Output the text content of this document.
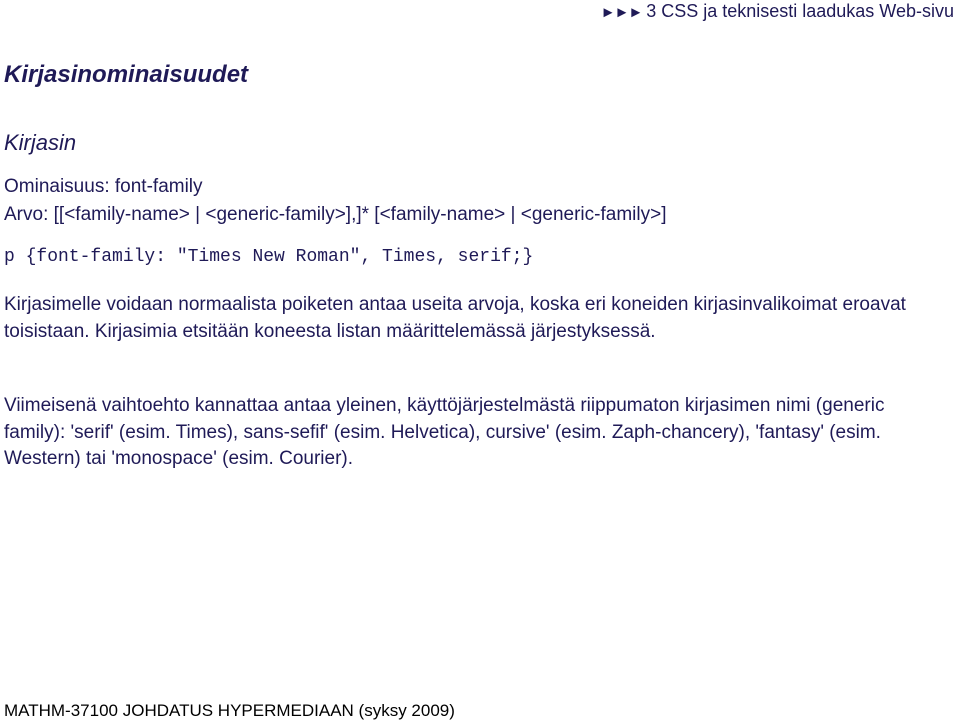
►►► 3 CSS ja teknisesti laadukas Web-sivu
Kirjasinominaisuudet
Kirjasin
Ominaisuus: font-family
Arvo: [[<family-name> | <generic-family>],]* [<family-name> | <generic-family>]
p {font-family: "Times New Roman", Times, serif;}

Kirjasimelle voidaan normaalista poiketen antaa useita arvoja, koska eri koneiden kirjasinvalikoimat eroavat toisistaan. Kirjasimia etsitään koneesta listan määrittelemässä järjestyksessä.

Viimeisenä vaihtoehto kannattaa antaa yleinen, käyttöjärjestelmästä riippumaton kirjasimen nimi (generic family): 'serif' (esim. Times), sans-sefif' (esim. Helvetica), cursive' (esim. Zaph-chancery), 'fantasy' (esim. Western) tai 'monospace' (esim. Courier).

MATHM-37100 JOHDATUS HYPERMEDIAAN (syksy 2009)
